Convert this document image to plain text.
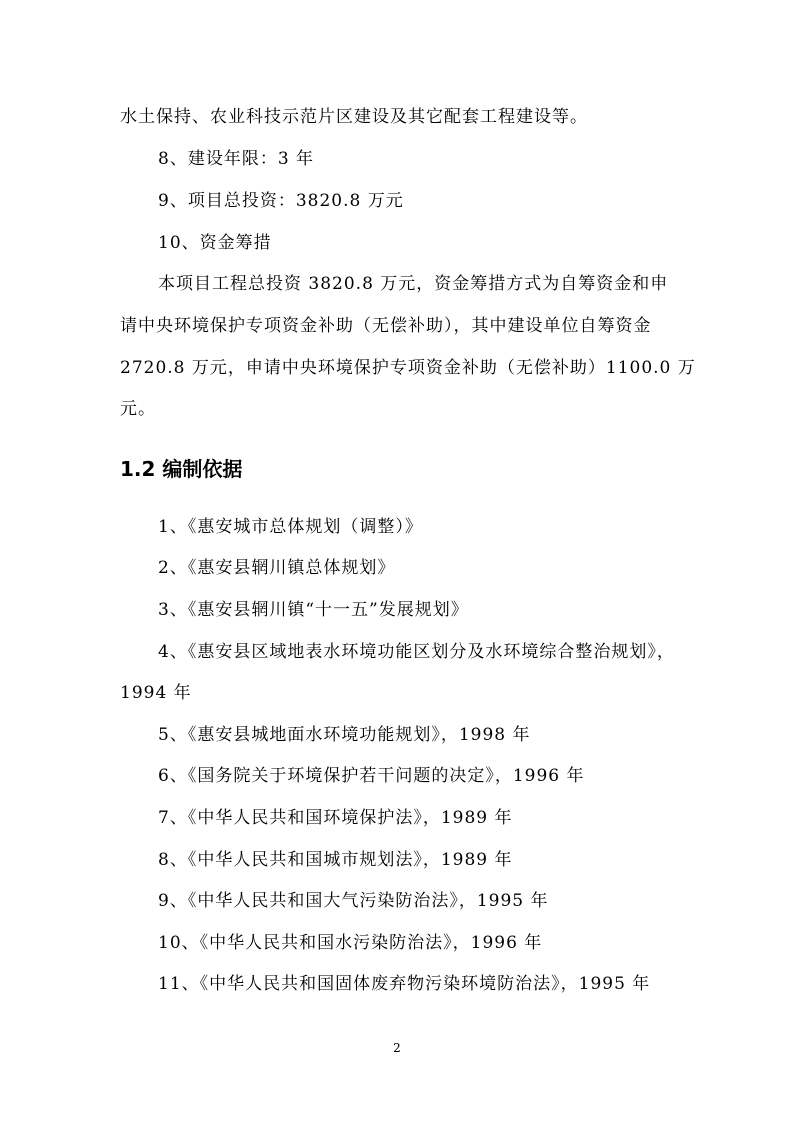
水土保持、农业科技示范片区建设及其它配套工程建设等。
8、建设年限：3 年
9、项目总投资：3820.8 万元
10、资金筹措
本项目工程总投资 3820.8 万元，资金筹措方式为自筹资金和申
请中央环境保护专项资金补助（无偿补助），其中建设单位自筹资金
2720.8 万元，申请中央环境保护专项资金补助（无偿补助）1100.0 万
元。
1.2 编制依据
1、《惠安城市总体规划（调整）》
2、《惠安县辋川镇总体规划》
3、《惠安县辋川镇“十一五”发展规划》
4、《惠安县区域地表水环境功能区划分及水环境综合整治规划》，
1994 年
5、《惠安县城地面水环境功能规划》，1998 年
6、《国务院关于环境保护若干问题的决定》，1996 年
7、《中华人民共和国环境保护法》，1989 年
8、《中华人民共和国城市规划法》，1989 年
9、《中华人民共和国大气污染防治法》，1995 年
10、《中华人民共和国水污染防治法》，1996 年
11、《中华人民共和国固体废弃物污染环境防治法》，1995 年
2
